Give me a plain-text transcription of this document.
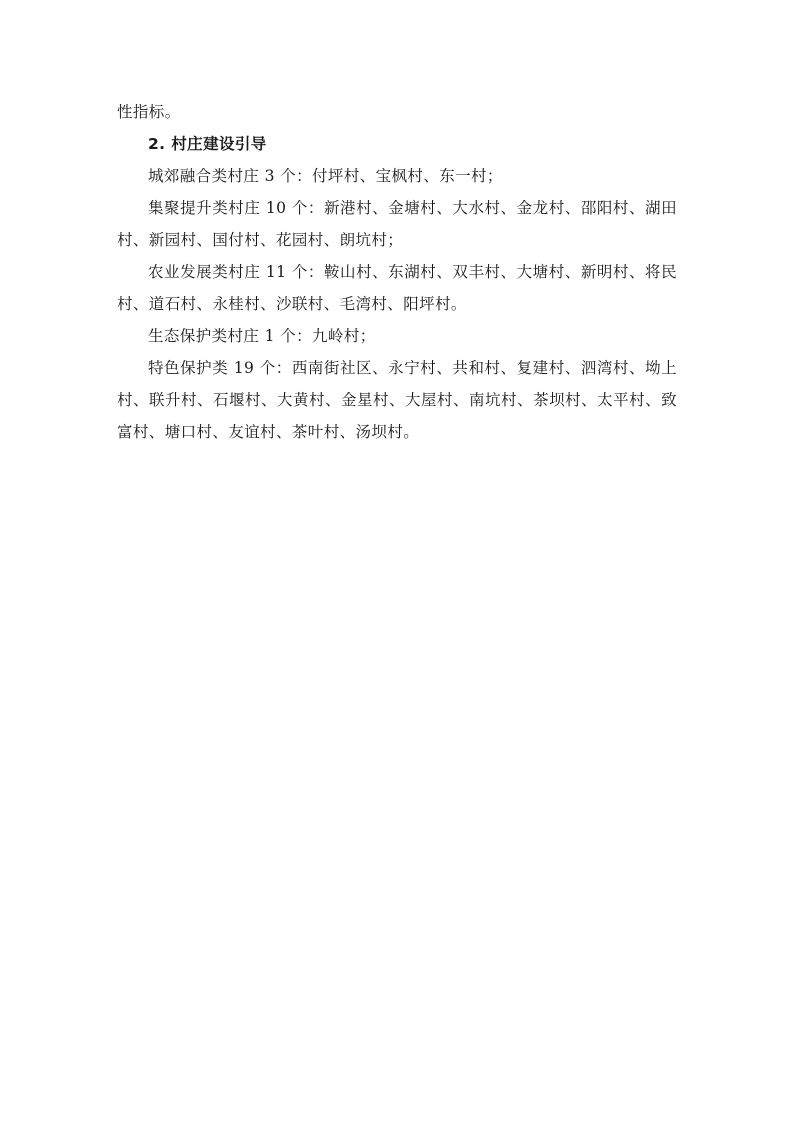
性指标。

2. 村庄建设引导

城郊融合类村庄 3 个：付坪村、宝枫村、东一村；

集聚提升类村庄 10 个：新港村、金塘村、大水村、金龙村、邵阳村、湖田村、新园村、国付村、花园村、朗坑村；

农业发展类村庄 11 个：鞍山村、东湖村、双丰村、大塘村、新明村、将民村、道石村、永桂村、沙联村、毛湾村、阳坪村。

生态保护类村庄 1 个：九岭村；

特色保护类 19 个：西南街社区、永宁村、共和村、复建村、泗湾村、坳上村、联升村、石堰村、大黄村、金星村、大屋村、南坑村、茶坝村、太平村、致富村、塘口村、友谊村、茶叶村、汤坝村。
